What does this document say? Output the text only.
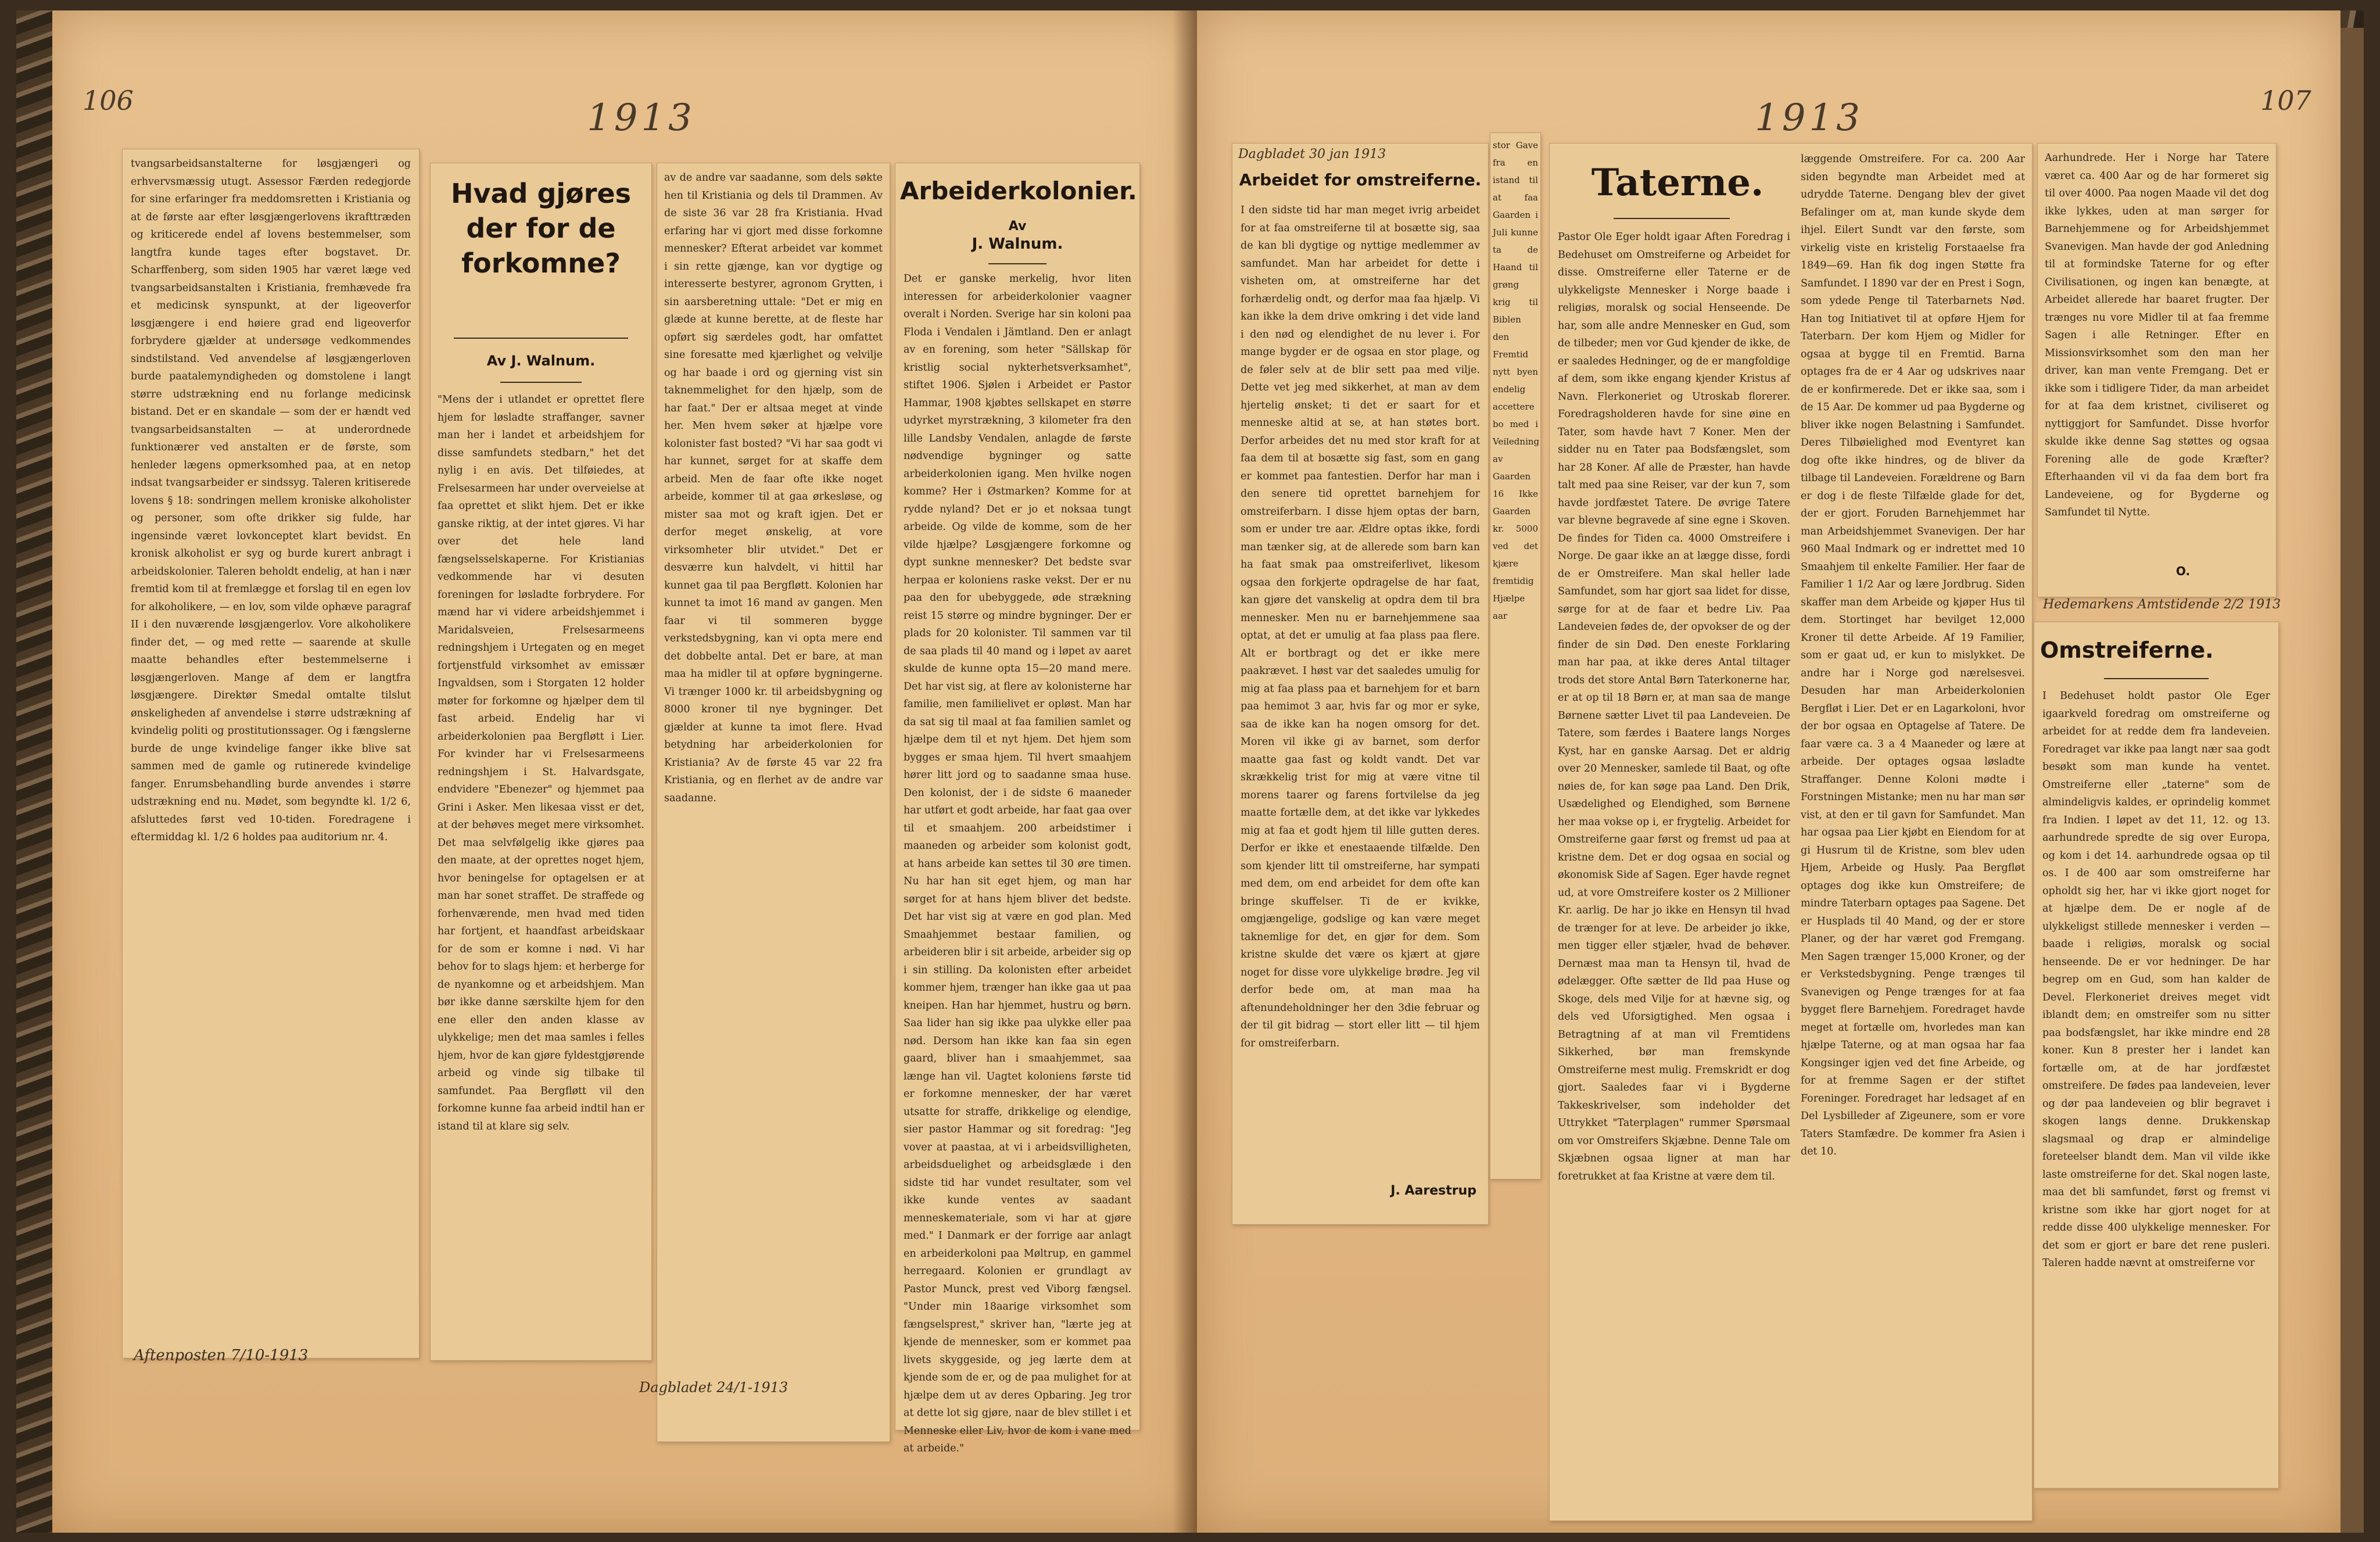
106	1913
tvangsarbeidsanstalterne for løsgjængeri og erhvervsmæssig utugt. Assessor Færden redegjorde for sine erfaringer fra meddomsretten i Kristiania og at de første aar efter løsgjængerlovens ikrafttræden og kriticerede endel af lovens bestemmelser, som langtfra kunde tages efter bogstavet. Dr. Scharffenberg, som siden 1905 har været læge ved tvangsarbeidsanstalten i Kristiania, fremhævede fra et medicinsk synspunkt, at der ligeoverfor løsgjængere i end høiere grad end ligeoverfor forbrydere gjælder at undersøge vedkommendes sindstilstand. Ved anvendelse af løsgjængerloven burde paatalemyndigheden og domstolene i langt større udstrækning end nu forlange medicinsk bistand. Det er en skandale — som der er hændt ved tvangsarbeidsanstalten — at underordnede funktionærer ved anstalten er de første, som henleder lægens opmerksomhed paa, at en netop indsat tvangsarbeider er sindssyg. Taleren kritiserede lovens § 18: sondringen mellem kroniske alkoholister og personer, som ofte drikker sig fulde, har ingensinde været lovkonceptet klart bevidst. En kronisk alkoholist er syg og burde kurert anbragt i arbeidskolonier. Taleren beholdt endelig, at han i nær fremtid kom til at fremlægge et forslag til en egen lov for alkoholikere, — en lov, som vilde ophæve paragraf II i den nuværende løsgjængerlov. Vore alkoholikere finder det, — og med rette — saarende at skulle maatte behandles efter bestemmelserne i løsgjængerloven. Mange af dem er langtfra løsgjængere. Direktør Smedal omtalte tilslut ønskeligheden af anvendelse i større udstrækning af kvindelig politi og prostitutionssager. Og i fængslerne burde de unge kvindelige fanger ikke blive sat sammen med de gamle og rutinerede kvindelige fanger. Enrumsbehandling burde anvendes i større udstrækning end nu. Mødet, som begyndte kl. 1/2 6, afsluttedes først ved 10-tiden. Foredragene i eftermiddag kl. 1/2 6 holdes paa auditorium nr. 4.
Aftenposten 7/10-1913
Hvad gjøres der for de forkomne?
Av J. Walnum.
"Mens der i utlandet er oprettet flere hjem for løsladte straffanger, savner man her i landet et arbeidshjem for disse samfundets stedbarn," het det nylig i en avis. Det tilføiedes, at Frelsesarmeen har under overveielse at faa oprettet et slikt hjem. Det er ikke ganske riktig, at der intet gjøres. Vi har over det hele land fængselsselskaperne. For Kristianias vedkommende har vi desuten foreningen for løsladte forbrydere. For mænd har vi videre arbeidshjemmet i Maridalsveien, Frelsesarmeens redningshjem i Urtegaten og en meget fortjenstfuld virksomhet av emissær Ingvaldsen, som i Storgaten 12 holder møter for forkomne og hjælper dem til fast arbeid. Endelig har vi arbeiderkolonien paa Bergfløtt i Lier. For kvinder har vi Frelsesarmeens redningshjem i St. Halvardsgate, endvidere "Ebenezer" og hjemmet paa Grini i Asker. Men likesaa visst er det, at der behøves meget mere virksomhet. Det maa selvfølgelig ikke gjøres paa den maate, at der oprettes noget hjem, hvor beningelse for optagelsen er at man har sonet straffet. De straffede og forhenværende, men hvad med tiden har fortjent, et haandfast arbeidskaar for de som er komne i nød. Vi har behov for to slags hjem: et herberge for de nyankomne og et arbeidshjem. Man bør ikke danne særskilte hjem for den ene eller den anden klasse av ulykkelige; men det maa samles i felles hjem, hvor de kan gjøre fyldestgjørende arbeid og vinde sig tilbake til samfundet. Paa Bergfløtt vil den forkomne kunne faa arbeid indtil han er istand til at klare sig selv.
av de andre var saadanne, som dels søkte hen til Kristiania og dels til Drammen. Av de siste 36 var 28 fra Kristiania. Hvad erfaring har vi gjort med disse forkomne mennesker? Efterat arbeidet var kommet i sin rette gjænge, kan vor dygtige og interesserte bestyrer, agronom Grytten, i sin aarsberetning uttale: "Det er mig en glæde at kunne berette, at de fleste har opført sig særdeles godt, har omfattet sine foresatte med kjærlighet og velvilje og har baade i ord og gjerning vist sin taknemmelighet for den hjælp, som de har faat." Der er altsaa meget at vinde her. Men hvem søker at hjælpe vore kolonister fast bosted? "Vi har saa godt vi har kunnet, sørget for at skaffe dem arbeid. Men de faar ofte ikke noget arbeide, kommer til at gaa ørkesløse, og mister saa mot og kraft igjen. Det er derfor meget ønskelig, at vore virksomheter blir utvidet." Det er desværre kun halvdelt, vi hittil har kunnet gaa til paa Bergfløtt. Kolonien har kunnet ta imot 16 mand av gangen. Men faar vi til sommeren bygge verkstedsbygning, kan vi opta mere end det dobbelte antal. Det er bare, at man maa ha midler til at opføre bygningerne. Vi trænger 1000 kr. til arbeidsbygning og 8000 kroner til nye bygninger. Det gjælder at kunne ta imot flere. Hvad betydning har arbeiderkolonien for Kristiania? Av de første 45 var 22 fra Kristiania, og en flerhet av de andre var saadanne.
Dagbladet 24/1-1913
Arbeiderkolonier.
Av
J. Walnum.
Det er ganske merkelig, hvor liten interessen for arbeiderkolonier vaagner overalt i Norden. Sverige har sin koloni paa Floda i Vendalen i Jämtland. Den er anlagt av en forening, som heter "Sällskap för kristlig social nykterhetsverksamhet", stiftet 1906. Sjølen i Arbeidet er Pastor Hammar, 1908 kjøbtes sellskapet en større udyrket myrstrækning, 3 kilometer fra den lille Landsby Vendalen, anlagde de første nødvendige bygninger og satte arbeiderkolonien igang. Men hvilke nogen komme? Her i Østmarken? Komme for at rydde nyland? Det er jo et noksaa tungt arbeide. Og vilde de komme, som de her vilde hjælpe? Løsgjængere forkomne og dypt sunkne mennesker? Det bedste svar herpaa er koloniens raske vekst. Der er nu paa den for ubebyggede, øde strækning reist 15 større og mindre bygninger. Der er plads for 20 kolonister. Til sammen var til de saa plads til 40 mand og i løpet av aaret skulde de kunne opta 15—20 mand mere. Det har vist sig, at flere av kolonisterne har familie, men familielivet er opløst. Man har da sat sig til maal at faa familien samlet og hjælpe dem til et nyt hjem. Det hjem som bygges er smaa hjem. Til hvert smaahjem hører litt jord og to saadanne smaa huse. Den kolonist, der i de sidste 6 maaneder har utført et godt arbeide, har faat gaa over til et smaahjem. 200 arbeidstimer i maaneden og arbeider som kolonist godt, at hans arbeide kan settes til 30 øre timen. Nu har han sit eget hjem, og man har sørget for at hans hjem bliver det bedste. Det har vist sig at være en god plan. Med Smaahjemmet bestaar familien, og arbeideren blir i sit arbeide, arbeider sig op i sin stilling. Da kolonisten efter arbeidet kommer hjem, trænger han ikke gaa ut paa kneipen. Han har hjemmet, hustru og børn. Saa lider han sig ikke paa ulykke eller paa nød. Dersom han ikke kan faa sin egen gaard, bliver han i smaahjemmet, saa længe han vil. Uagtet koloniens første tid er forkomne mennesker, der har været utsatte for straffe, drikkelige og elendige, sier pastor Hammar og sit foredrag: "Jeg vover at paastaa, at vi i arbeidsvilligheten, arbeidsduelighet og arbeidsglæde i den sidste tid har vundet resultater, som vel ikke kunde ventes av saadant menneskemateriale, som vi har at gjøre med." I Danmark er der forrige aar anlagt en arbeiderkoloni paa Møltrup, en gammel herregaard. Kolonien er grundlagt av Pastor Munck, prest ved Viborg fængsel. "Under min 18aarige virksomhet som fængselsprest," skriver han, "lærte jeg at kjende de mennesker, som er kommet paa livets skyggeside, og jeg lærte dem at kjende som de er, og de paa mulighet for at hjælpe dem ut av deres Opbaring. Jeg tror at dette lot sig gjøre, naar de blev stillet i et Menneske eller Liv, hvor de kom i vane med at arbeide."
1913	107
Dagbladet 30 jan 1913
Arbeidet for omstreiferne.
I den sidste tid har man meget ivrig arbeidet for at faa omstreiferne til at bosætte sig, saa de kan bli dygtige og nyttige medlemmer av samfundet. Man har arbeidet for dette i visheten om, at omstreiferne har det forhærdelig ondt, og derfor maa faa hjælp. Vi kan ikke la dem drive omkring i det vide land i den nød og elendighet de nu lever i. For mange bygder er de ogsaa en stor plage, og de føler selv at de blir sett paa med vilje. Dette vet jeg med sikkerhet, at man av dem hjertelig ønsket; ti det er saart for et menneske altid at se, at han støtes bort. Derfor arbeides det nu med stor kraft for at faa dem til at bosætte sig fast, som en gang er kommet paa fantestien. Derfor har man i den senere tid oprettet barnehjem for omstreiferbarn. I disse hjem optas der barn, som er under tre aar. Ældre optas ikke, fordi man tænker sig, at de allerede som barn kan ha faat smak paa omstreiferlivet, likesom ogsaa den forkjerte opdragelse de har faat, kan gjøre det vanskelig at opdra dem til bra mennesker. Men nu er barnehjemmene saa optat, at det er umulig at faa plass paa flere. Alt er bortbragt og det er ikke mere paakrævet. I høst var det saaledes umulig for mig at faa plass paa et barnehjem for et barn paa hemimot 3 aar, hvis far og mor er syke, saa de ikke kan ha nogen omsorg for det. Moren vil ikke gi av barnet, som derfor maatte gaa fast og koldt vandt. Det var skrækkelig trist for mig at være vitne til morens taarer og farens fortvilelse da jeg maatte fortælle dem, at det ikke var lykkedes mig at faa et godt hjem til lille gutten deres. Derfor er ikke et enestaaende tilfælde. Den som kjender litt til omstreiferne, har sympati med dem, om end arbeidet for dem ofte kan bringe skuffelser. Ti de er kvikke, omgjængelige, godslige og kan være meget taknemlige for det, en gjør for dem. Som kristne skulde det være os kjært at gjøre noget for disse vore ulykkelige brødre. Jeg vil derfor bede om, at man maa ha aftenundeholdninger her den 3die februar og der til git bidrag — stort eller litt — til hjem for omstreiferbarn.
J. Aarestrup
stor Gave fra en istand til at faa Gaarden i Juli kunne ta de Haand til grøng krig til Biblen den Fremtid nytt byen endelig accettere bo med i Veiledning av Gaarden 16 Ikke Gaarden kr. 5000 ved det kjære fremtidig Hjælpe aar
Taterne.
Pastor Ole Eger holdt igaar Aften Foredrag i Bedehuset om Omstreiferne og Arbeidet for disse. Omstreiferne eller Taterne er de ulykkeligste Mennesker i Norge baade i religiøs, moralsk og social Henseende. De har, som alle andre Mennesker en Gud, som de tilbeder; men vor Gud kjender de ikke, de er saaledes Hedninger, og de er mangfoldige af dem, som ikke engang kjender Kristus af Navn. Flerkoneriet og Utroskab florerer. Foredragsholderen havde for sine øine en Tater, som havde havt 7 Koner. Men der sidder nu en Tater paa Bodsfængslet, som har 28 Koner. Af alle de Præster, han havde talt med paa sine Reiser, var der kun 7, som havde jordfæstet Tatere. De øvrige Tatere var blevne begravede af sine egne i Skoven. De findes for Tiden ca. 4000 Omstreifere i Norge. De gaar ikke an at lægge disse, fordi de er Omstreifere. Man skal heller lade Samfundet, som har gjort saa lidet for disse, sørge for at de faar et bedre Liv. Paa Landeveien fødes de, der opvokser de og der finder de sin Død. Den eneste Forklaring man har paa, at ikke deres Antal tiltager trods det store Antal Børn Taterkonerne har, er at op til 18 Børn er, at man saa de mange Børnene sætter Livet til paa Landeveien. De Tatere, som færdes i Baatere langs Norges Kyst, har en ganske Aarsag. Det er aldrig over 20 Mennesker, samlede til Baat, og ofte nøies de, for kan søge paa Land. Den Drik, Usædelighed og Elendighed, som Børnene her maa vokse op i, er frygtelig. Arbeidet for Omstreiferne gaar først og fremst ud paa at kristne dem. Det er dog ogsaa en social og økonomisk Side af Sagen. Eger havde regnet ud, at vore Omstreifere koster os 2 Millioner Kr. aarlig. De har jo ikke en Hensyn til hvad de trænger for at leve. De arbeider jo ikke, men tigger eller stjæler, hvad de behøver. Dernæst maa man ta Hensyn til, hvad de ødelægger. Ofte sætter de Ild paa Huse og Skoge, dels med Vilje for at hævne sig, og dels ved Uforsigtighed. Men ogsaa i Betragtning af at man vil Fremtidens Sikkerhed, bør man fremskynde Omstreiferne mest mulig. Fremskridt er dog gjort. Saaledes faar vi i Bygderne Takkeskrivelser, som indeholder det Uttrykket "Taterplagen" rummer Spørsmaal om vor Omstreifers Skjæbne. Denne Tale om Skjæbnen ogsaa ligner at man har foretrukket at faa Kristne at være dem til.
læggende Omstreifere. For ca. 200 Aar siden begyndte man Arbeidet med at udrydde Taterne. Dengang blev der givet Befalinger om at, man kunde skyde dem ihjel. Eilert Sundt var den første, som virkelig viste en kristelig Forstaaelse fra 1849—69. Han fik dog ingen Støtte fra Samfundet. I 1890 var der en Prest i Sogn, som ydede Penge til Taterbarnets Nød. Han tog Initiativet til at opføre Hjem for Taterbarn. Der kom Hjem og Midler for ogsaa at bygge til en Fremtid. Barna optages fra de er 4 Aar og udskrives naar de er konfirmerede. Det er ikke saa, som i de 15 Aar. De kommer ud paa Bygderne og bliver ikke nogen Belastning i Samfundet. Deres Tilbøielighed mod Eventyret kan dog ofte ikke hindres, og de bliver da tilbage til Landeveien. Forældrene og Barn er dog i de fleste Tilfælde glade for det, der er gjort. Foruden Barnehjemmet har man Arbeidshjemmet Svanevigen. Der har 960 Maal Indmark og er indrettet med 10 Smaahjem til enkelte Familier. Her faar de Familier 1 1/2 Aar og lære Jordbrug. Siden skaffer man dem Arbeide og kjøper Hus til dem. Stortinget har bevilget 12,000 Kroner til dette Arbeide. Af 19 Familier, som er gaat ud, er kun to mislykket. De andre har i Norge god nærelsesvei. Desuden har man Arbeiderkolonien Bergfløt i Lier. Det er en Lagarkoloni, hvor der bor ogsaa en Optagelse af Tatere. De faar være ca. 3 a 4 Maaneder og lære at arbeide. Der optages ogsaa løsladte Straffanger. Denne Koloni mødte i Forstningen Mistanke; men nu har man sør vist, at den er til gavn for Samfundet. Man har ogsaa paa Lier kjøbt en Eiendom for at gi Husrum til de Kristne, som blev uden Hjem, Arbeide og Husly. Paa Bergfløt optages dog ikke kun Omstreifere; de mindre Taterbarn optages paa Sagene. Det er Husplads til 40 Mand, og der er store Planer, og der har været god Fremgang. Men Sagen trænger 15,000 Kroner, og der er Verkstedsbygning. Penge trænges til Svanevigen og Penge trænges for at faa bygget flere Barnehjem. Foredraget havde meget at fortælle om, hvorledes man kan hjælpe Taterne, og at man ogsaa har faa Kongsinger igjen ved det fine Arbeide, og for at fremme Sagen er der stiftet Foreninger. Foredraget har ledsaget af en Del Lysbilleder af Zigeunere, som er vore Taters Stamfædre. De kommer fra Asien i det 10.
Aarhundrede. Her i Norge har Tatere været ca. 400 Aar og de har formeret sig til over 4000. Paa nogen Maade vil det dog ikke lykkes, uden at man sørger for Barnehjemmene og for Arbeidshjemmet Svanevigen. Man havde der god Anledning til at formindske Taterne for og efter Civilisationen, og ingen kan benægte, at Arbeidet allerede har baaret frugter. Der trænges nu vore Midler til at faa fremme Sagen i alle Retninger. Efter en Missionsvirksomhet som den man her driver, kan man vente Fremgang. Det er ikke som i tidligere Tider, da man arbeidet for at faa dem kristnet, civiliseret og nyttiggjort for Samfundet. Disse hvorfor skulde ikke denne Sag støttes og ogsaa Forening alle de gode Kræfter? Efterhaanden vil vi da faa dem bort fra Landeveiene, og for Bygderne og Samfundet til Nytte.
O.
Hedemarkens Amtstidende 2/2 1913
Omstreiferne.
I Bedehuset holdt pastor Ole Eger igaarkveld foredrag om omstreiferne og arbeidet for at redde dem fra landeveien. Foredraget var ikke paa langt nær saa godt besøkt som man kunde ha ventet. Omstreiferne eller „taterne" som de almindeligvis kaldes, er oprindelig kommet fra Indien. I løpet av det 11, 12. og 13. aarhundrede spredte de sig over Europa, og kom i det 14. aarhundrede ogsaa op til os. I de 400 aar som omstreiferne har opholdt sig her, har vi ikke gjort noget for at hjælpe dem. De er nogle af de ulykkeligst stillede mennesker i verden — baade i religiøs, moralsk og social henseende. De er vor hedninger. De har begrep om en Gud, som han kalder de Devel. Flerkoneriet dreives meget vidt iblandt dem; en omstreifer som nu sitter paa bodsfængslet, har ikke mindre end 28 koner. Kun 8 prester her i landet kan fortælle om, at de har jordfæstet omstreifere. De fødes paa landeveien, lever og dør paa landeveien og blir begravet i skogen langs denne. Drukkenskap slagsmaal og drap er almindelige foreteelser blandt dem. Man vil vilde ikke laste omstreiferne for det. Skal nogen laste, maa det bli samfundet, først og fremst vi kristne som ikke har gjort noget for at redde disse 400 ulykkelige mennesker. For det som er gjort er bare det rene pusleri. Taleren hadde nævnt at omstreiferne vor
